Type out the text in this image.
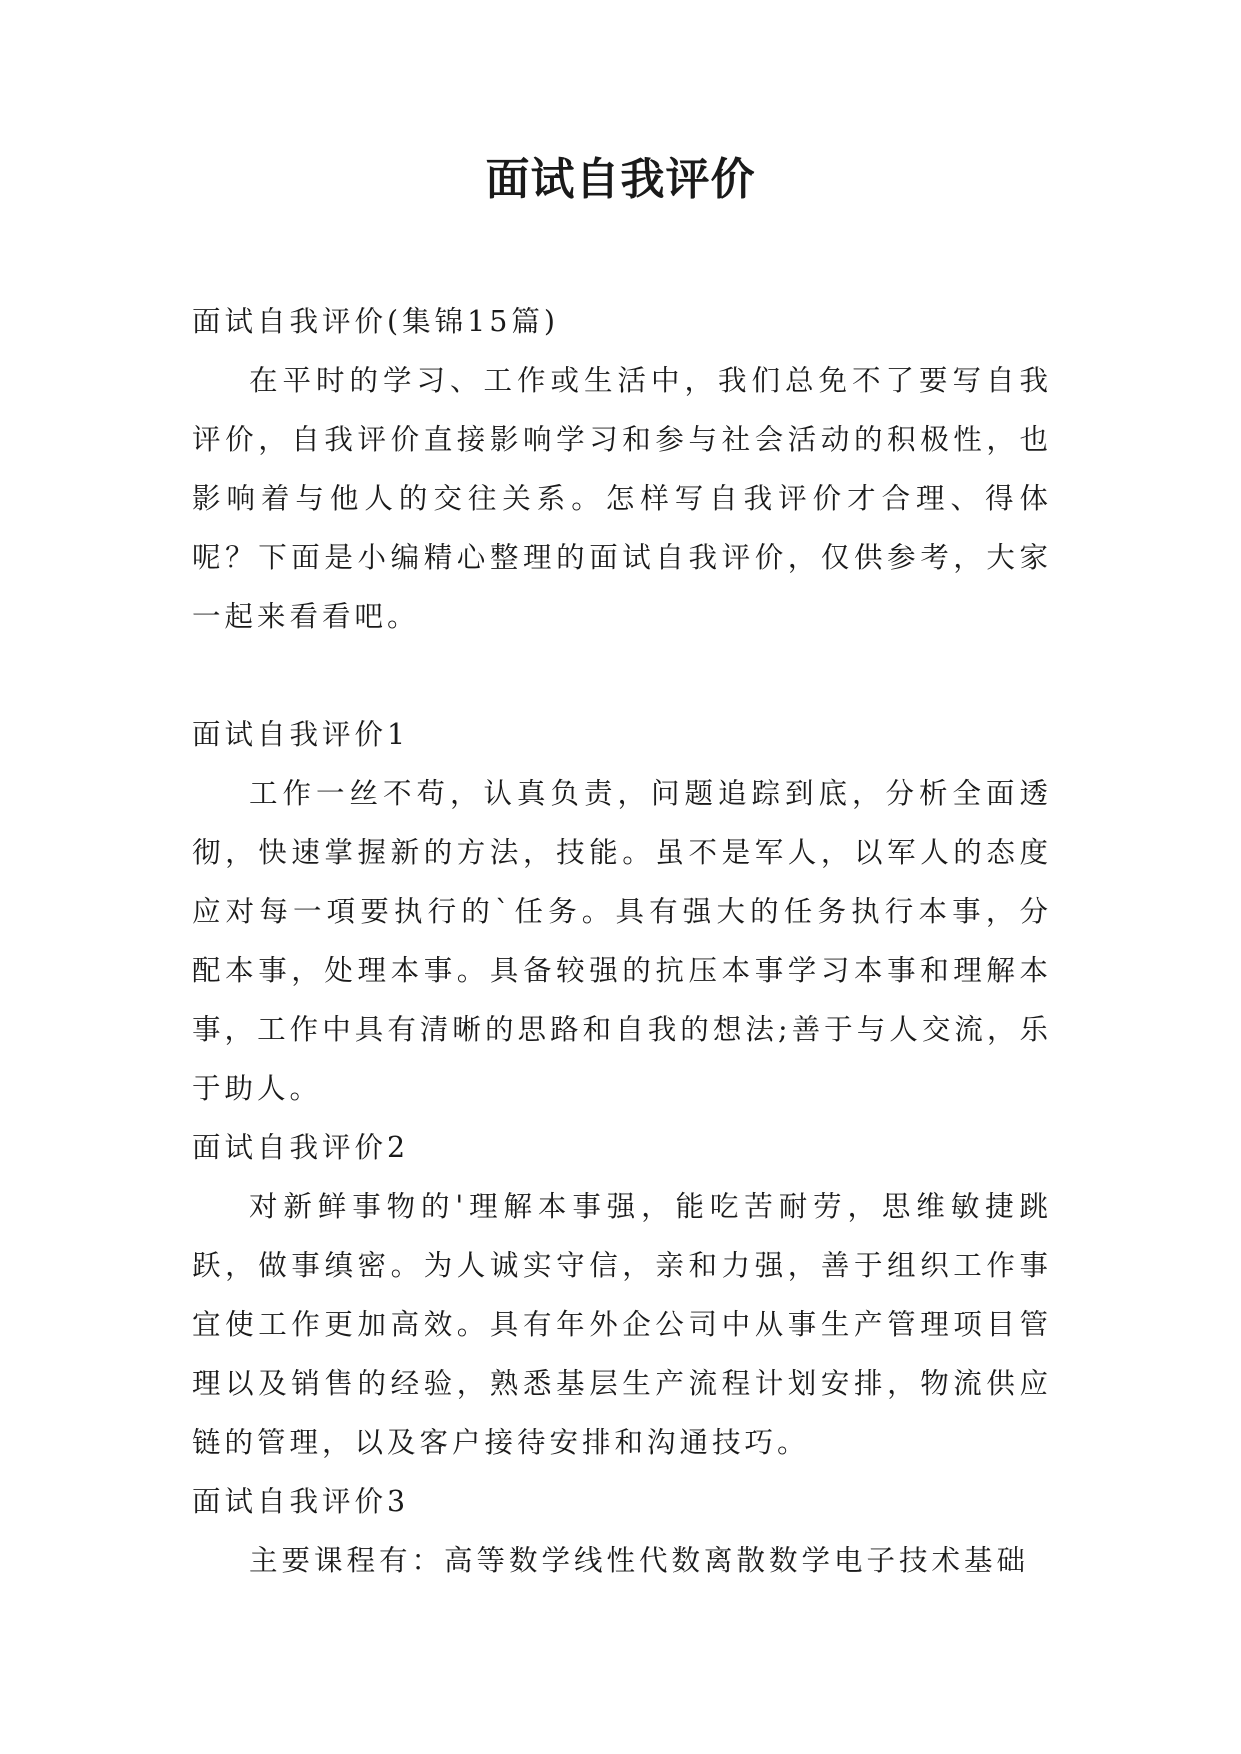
面试自我评价

面试自我评价(集锦15篇)

在平时的学习、工作或生活中，我们总免不了要写自我评价，自我评价直接影响学习和参与社会活动的积极性，也影响着与他人的交往关系。怎样写自我评价才合理、得体呢？下面是小编精心整理的面试自我评价，仅供参考，大家一起来看看吧。

面试自我评价1

工作一丝不苟，认真负责，问题追踪到底，分析全面透彻，快速掌握新的方法，技能。虽不是军人，以军人的态度应对每一項要执行的`任务。具有强大的任务执行本事，分配本事，处理本事。具备较强的抗压本事学习本事和理解本事，工作中具有清晰的思路和自我的想法;善于与人交流，乐于助人。

面试自我评价2

对新鲜事物的'理解本事强，能吃苦耐劳，思维敏捷跳跃，做事缜密。为人诚实守信，亲和力强，善于组织工作事宜使工作更加高效。具有年外企公司中从事生产管理项目管理以及销售的经验，熟悉基层生产流程计划安排，物流供应链的管理，以及客户接待安排和沟通技巧。

面试自我评价3

主要课程有：高等数学线性代数离散数学电子技术基础
